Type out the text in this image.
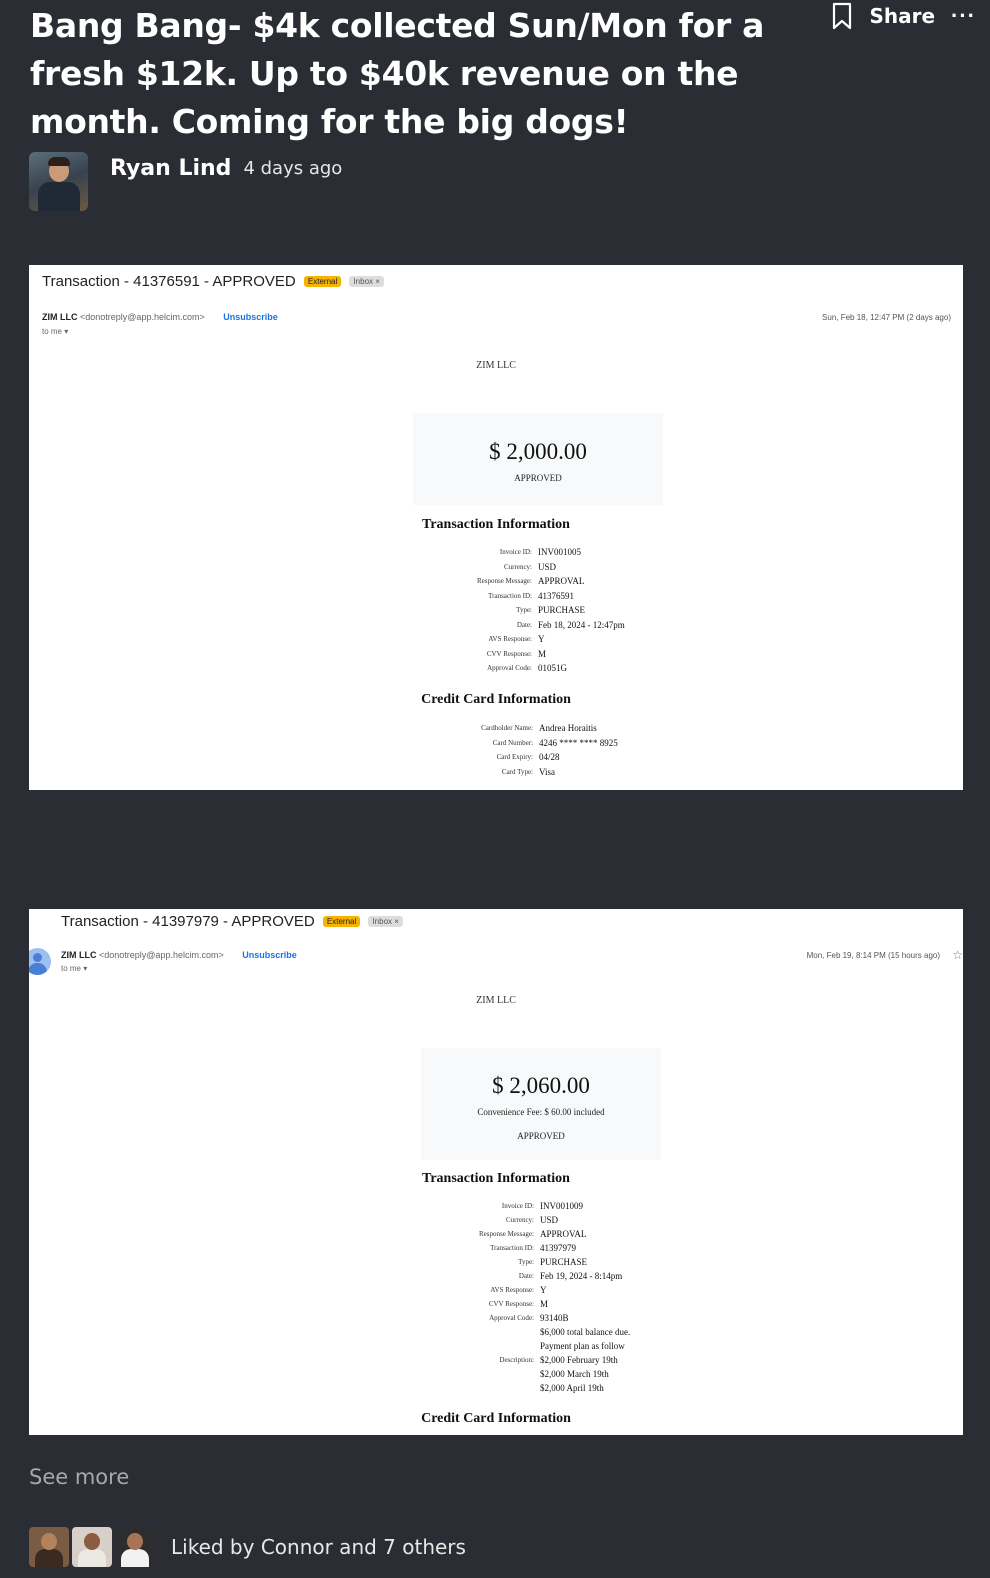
Bang Bang- $4k collected Sun/Mon for a fresh $12k. Up to $40k revenue on the month. Coming for the big dogs!
Share ···
Ryan Lind 4 days ago
Transaction - 41376591 - APPROVED External Inbox ×
ZIM LLC <donotreply@app.helcim.com> Unsubscribe
to me ▾
Sun, Feb 18, 12:47 PM (2 days ago)
ZIM LLC
$ 2,000.00
APPROVED
Transaction Information
Invoice ID: INV001005
Currency: USD
Response Message: APPROVAL
Transaction ID: 41376591
Type: PURCHASE
Date: Feb 18, 2024 - 12:47pm
AVS Response: Y
CVV Response: M
Approval Code: 01051G
Credit Card Information
Cardholder Name: Andrea Horaitis
Card Number: 4246 **** **** 8925
Card Expiry: 04/28
Card Type: Visa
Transaction - 41397979 - APPROVED External Inbox ×
ZIM LLC <donotreply@app.helcim.com> Unsubscribe
to me ▾
Mon, Feb 19, 8:14 PM (15 hours ago) ☆
ZIM LLC
$ 2,060.00
Convenience Fee: $ 60.00 included
APPROVED
Transaction Information
Invoice ID: INV001009
Currency: USD
Response Message: APPROVAL
Transaction ID: 41397979
Type: PURCHASE
Date: Feb 19, 2024 - 8:14pm
AVS Response: Y
CVV Response: M
Approval Code: 93140B
$6,000 total balance due.
Payment plan as follow
Description: $2,000 February 19th
$2,000 March 19th
$2,000 April 19th
Credit Card Information
See more
Liked by Connor and 7 others
